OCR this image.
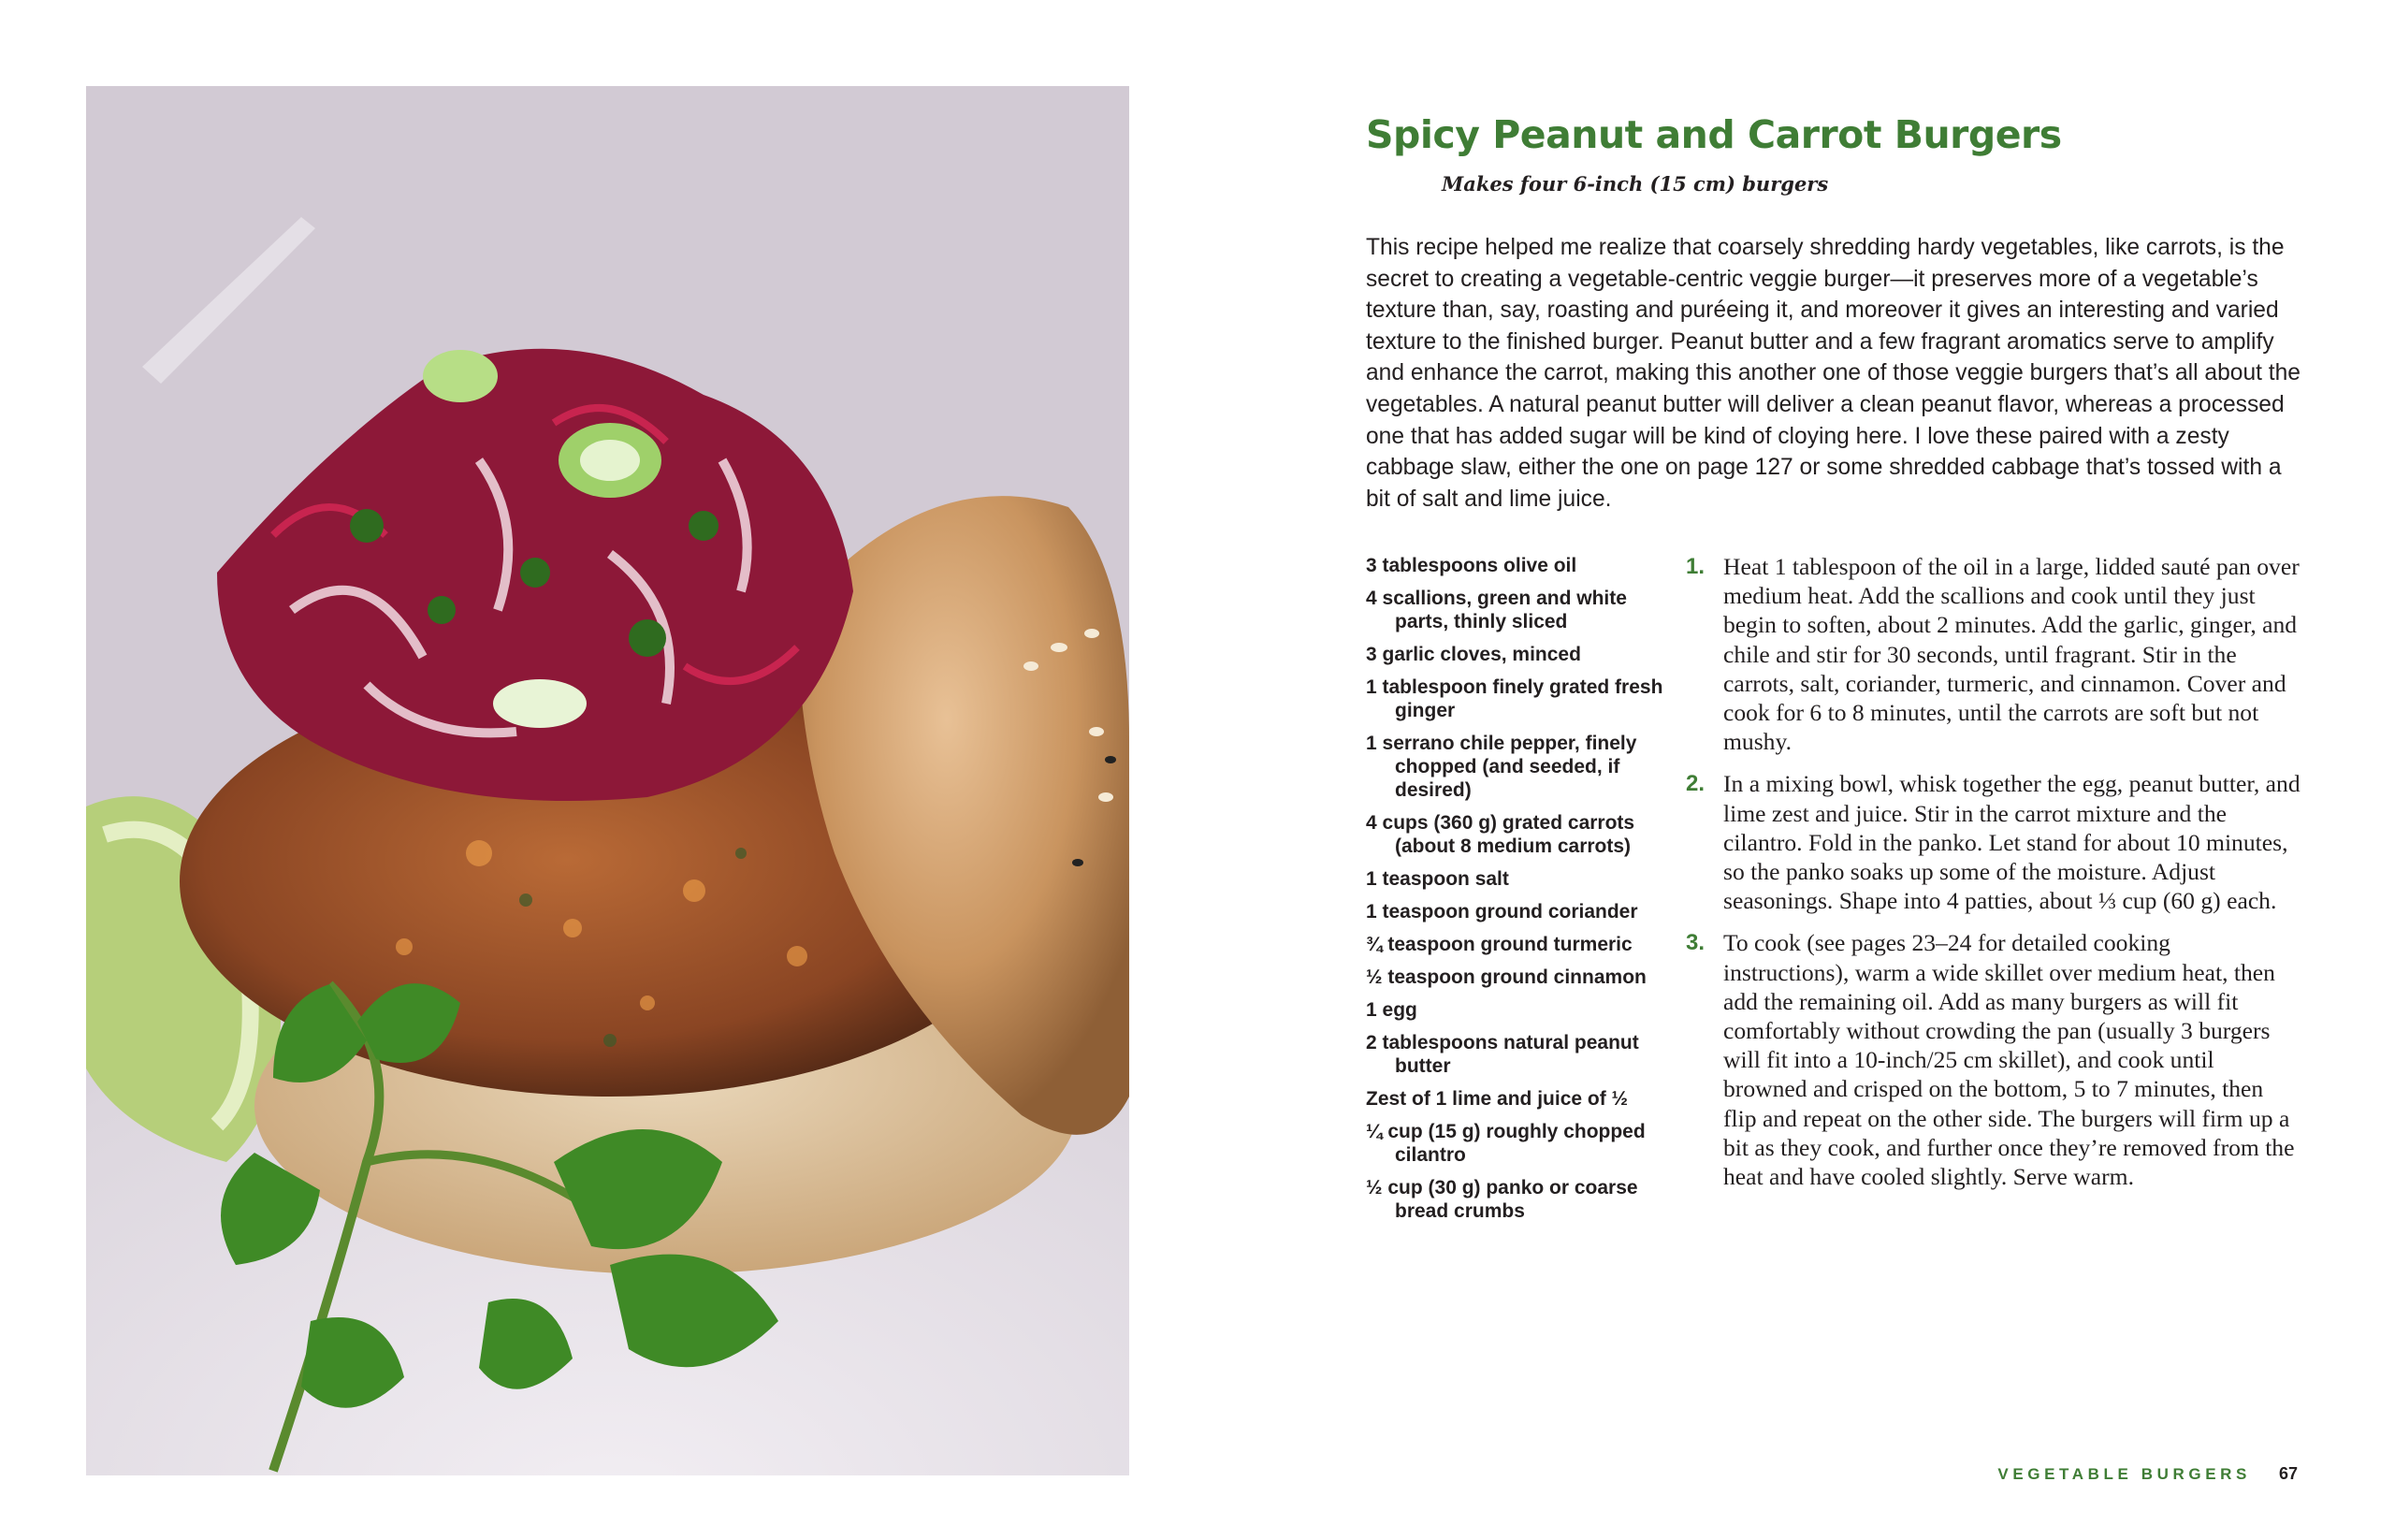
Spicy Peanut and Carrot Burgers
Makes four 6-inch (15 cm) burgers

This recipe helped me realize that coarsely shredding hardy vegetables, like carrots, is the secret to creating a vegetable-centric veggie burger—it preserves more of a vegetable’s texture than, say, roasting and puréeing it, and moreover it gives an interesting and varied texture to the finished burger. Peanut butter and a few fragrant aromatics serve to amplify and enhance the carrot, making this another one of those veggie burgers that’s all about the vegetables. A natural peanut butter will deliver a clean peanut flavor, whereas a processed one that has added sugar will be kind of cloying here. I love these paired with a zesty cabbage slaw, either the one on page 127 or some shredded cabbage that’s tossed with a bit of salt and lime juice.

3 tablespoons olive oil
4 scallions, green and white parts, thinly sliced
3 garlic cloves, minced
1 tablespoon finely grated fresh ginger
1 serrano chile pepper, finely chopped (and seeded, if desired)
4 cups (360 g) grated carrots (about 8 medium carrots)
1 teaspoon salt
1 teaspoon ground coriander
¾ teaspoon ground turmeric
½ teaspoon ground cinnamon
1 egg
2 tablespoons natural peanut butter
Zest of 1 lime and juice of ½
¼ cup (15 g) roughly chopped cilantro
½ cup (30 g) panko or coarse bread crumbs
1. Heat 1 tablespoon of the oil in a large, lidded sauté pan over medium heat. Add the scallions and cook until they just begin to soften, about 2 minutes. Add the garlic, ginger, and chile and stir for 30 seconds, until fragrant. Stir in the carrots, salt, coriander, turmeric, and cinnamon. Cover and cook for 6 to 8 minutes, until the carrots are soft but not mushy.
2. In a mixing bowl, whisk together the egg, peanut butter, and lime zest and juice. Stir in the carrot mixture and the cilantro. Fold in the panko. Let stand for about 10 minutes, so the panko soaks up some of the moisture. Adjust seasonings. Shape into 4 patties, about ⅓ cup (60 g) each.
3. To cook (see pages 23–24 for detailed cooking instructions), warm a wide skillet over medium heat, then add the remaining oil. Add as many burgers as will fit comfortably without crowding the pan (usually 3 burgers will fit into a 10-inch/25 cm skillet), and cook until browned and crisped on the bottom, 5 to 7 minutes, then flip and repeat on the other side. The burgers will firm up a bit as they cook, and further once they’re removed from the heat and have cooled slightly. Serve warm.
VEGETABLE BURGERS 67
